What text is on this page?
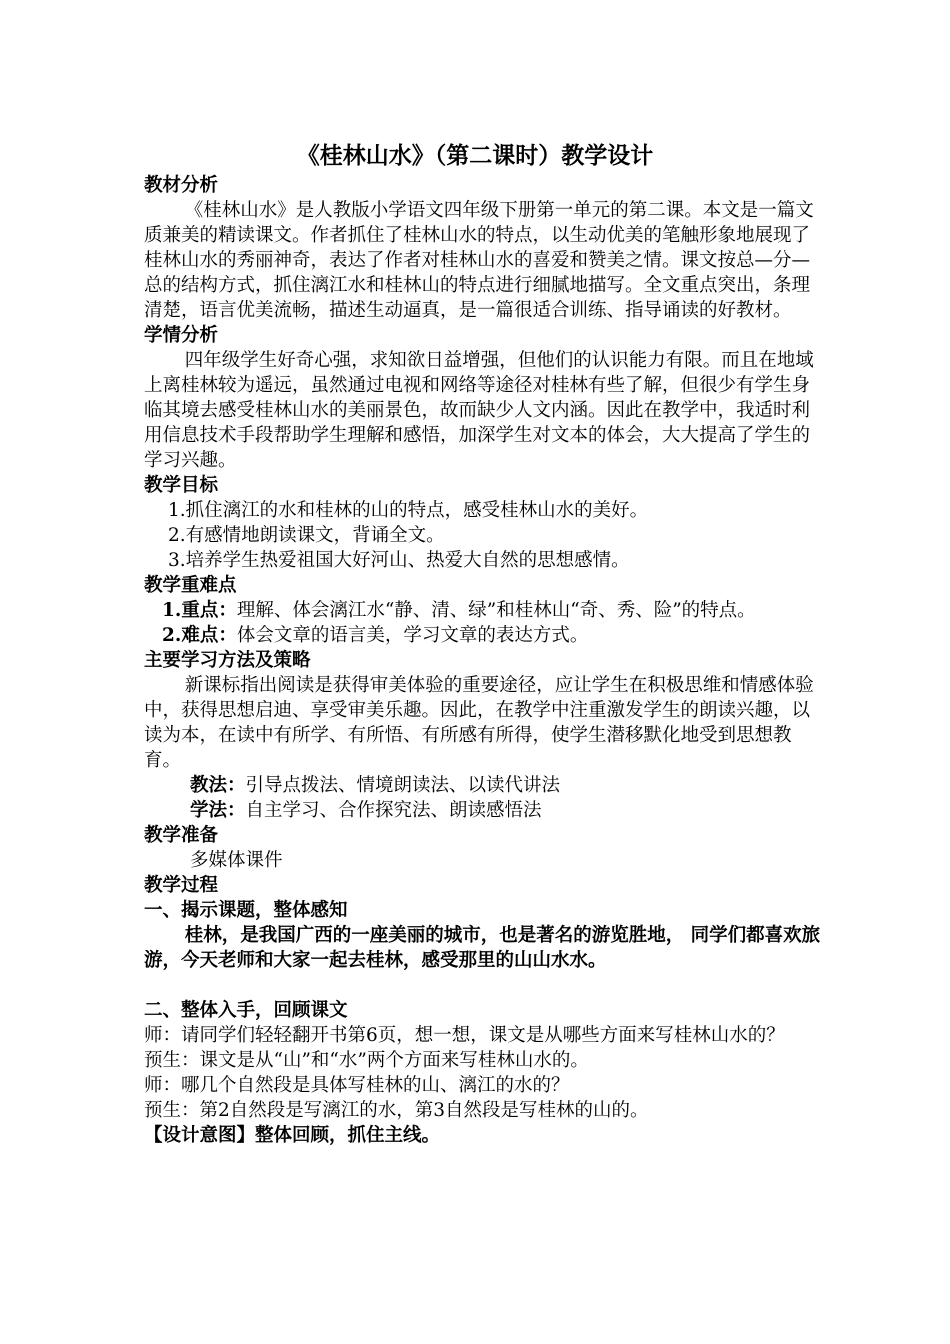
《桂林山水》（第二课时）教学设计

教材分析

《桂林山水》是人教版小学语文四年级下册第一单元的第二课。本文是一篇文质兼美的精读课文。作者抓住了桂林山水的特点，以生动优美的笔触形象地展现了桂林山水的秀丽神奇，表达了作者对桂林山水的喜爱和赞美之情。课文按总—分—总的结构方式，抓住漓江水和桂林山的特点进行细腻地描写。全文重点突出，条理清楚，语言优美流畅，描述生动逼真，是一篇很适合训练、指导诵读的好教材。

学情分析

四年级学生好奇心强，求知欲日益增强，但他们的认识能力有限。而且在地域上离桂林较为遥远，虽然通过电视和网络等途径对桂林有些了解，但很少有学生身临其境去感受桂林山水的美丽景色，故而缺少人文内涵。因此在教学中，我适时利用信息技术手段帮助学生理解和感悟，加深学生对文本的体会，大大提高了学生的学习兴趣。

教学目标

1. 抓住漓江的水和桂林的山的特点，感受桂林山水的美好。
2. 有感情地朗读课文，背诵全文。
3. 培养学生热爱祖国大好河山、热爱大自然的思想感情。

教学重难点

1.重点： 理解、体会漓江水“静、清、绿”和桂林山“奇、秀、险”的特点。
2.难点： 体会文章的语言美，学习文章的表达方式。

主要学习方法及策略

新课标指出阅读是获得审美体验的重要途径，应让学生在积极思维和情感体验中，获得思想启迪、享受审美乐趣。因此，在教学中注重激发学生的朗读兴趣，以读为本，在读中有所学、有所悟、有所感有所得，使学生潜移默化地受到思想教育。

教法：引导点拨法、情境朗读法、以读代讲法

学法：自主学习、合作探究法、朗读感悟法

教学准备

多媒体课件

教学过程

一、揭示课题，整体感知

桂林，是我国广西的一座美丽的城市，也是著名的游览胜地， 同学们都喜欢旅游，今天老师和大家一起去桂林，感受那里的山山水水。

二、整体入手，回顾课文

师：请同学们轻轻翻开书第6页，想一想，课文是从哪些方面来写桂林山水的？

预生：课文是从“山”和“水”两个方面来写桂林山水的。

师：哪几个自然段是具体写桂林的山、漓江的水的？

预生：第2自然段是写漓江的水，第3自然段是写桂林的山的。

【设计意图】整体回顾，抓住主线。
